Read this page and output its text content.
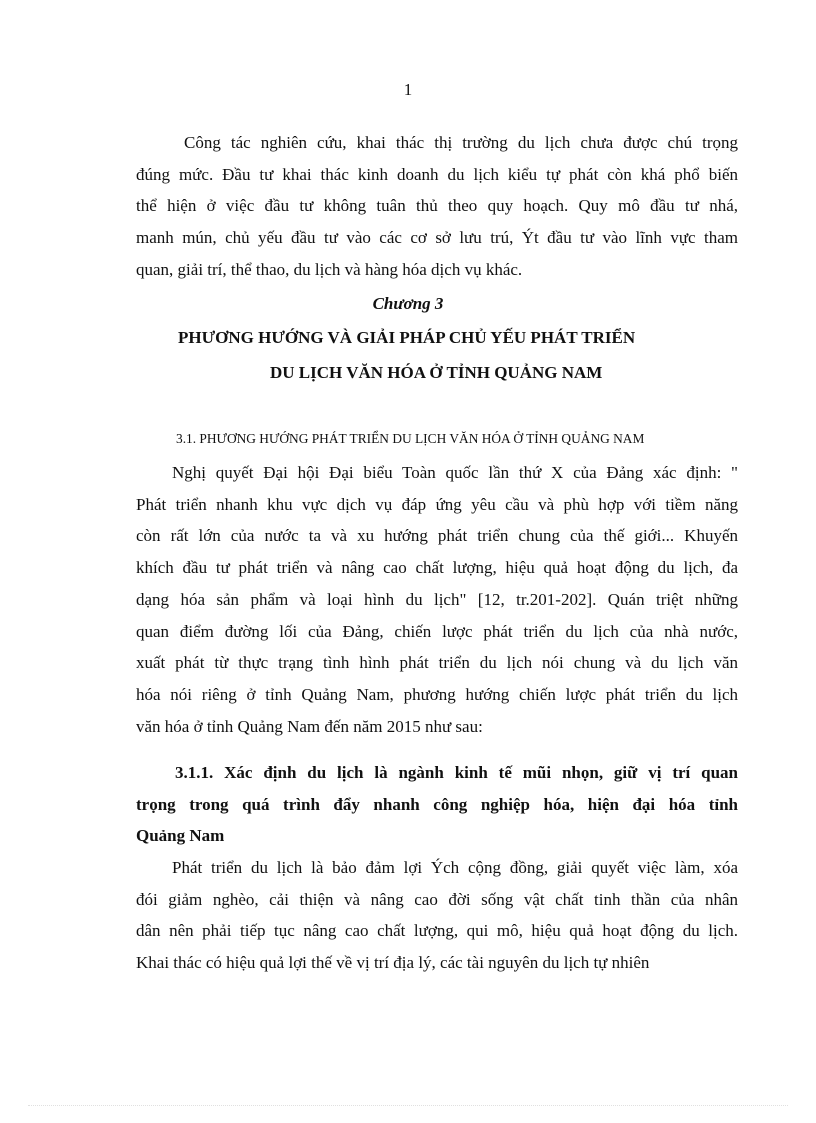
1
Công tác nghiên cứu, khai thác thị trường du lịch chưa được chú trọng
đúng mức. Đầu tư khai thác kinh doanh du lịch kiểu tự phát còn khá phổ biến
thể hiện ở việc đầu tư không tuân thủ theo quy hoạch. Quy mô đầu tư nhá,
manh mún, chủ yếu đầu tư vào các cơ sở lưu trú, Ýt đầu tư vào lĩnh vực tham
quan, giải trí, thể thao, du lịch và hàng hóa dịch vụ khác.
Chương 3
PHƯƠNG HƯỚNG VÀ GIẢI PHÁP CHỦ YẾU PHÁT TRIỂN
DU LỊCH VĂN HÓA Ở TỈNH QUẢNG NAM
3.1. PHƯƠNG HƯỚNG PHÁT TRIỂN DU LỊCH VĂN HÓA Ở TỈNH QUẢNG NAM
Nghị quyết Đại hội Đại biểu Toàn quốc lần thứ X của Đảng xác định: "
Phát triển nhanh khu vực dịch vụ đáp ứng yêu cầu và phù hợp với tiềm năng
còn rất lớn của nước ta và xu hướng phát triển chung của thế giới... Khuyến
khích đầu tư phát triển và nâng cao chất lượng, hiệu quả hoạt động du lịch, đa
dạng hóa sản phẩm và loại hình du lịch" [12, tr.201-202]. Quán triệt những
quan điểm đường lối của Đảng, chiến lược phát triển du lịch của nhà nước,
xuất phát từ thực trạng tình hình phát triển du lịch nói chung và du lịch văn
hóa nói riêng ở tỉnh Quảng Nam, phương hướng chiến lược phát triển du lịch
văn hóa ở tỉnh Quảng Nam đến năm 2015 như sau:
3.1.1. Xác định du lịch là ngành kinh tế mũi nhọn, giữ vị trí quan
trọng trong quá trình đẩy nhanh công nghiệp hóa, hiện đại hóa tỉnh
Quảng Nam
Phát triển du lịch là bảo đảm lợi Ých cộng đồng, giải quyết việc làm, xóa
đói giảm nghèo, cải thiện và nâng cao đời sống vật chất tinh thần của nhân
dân nên phải tiếp tục nâng cao chất lượng, qui mô, hiệu quả hoạt động du lịch.
Khai thác có hiệu quả lợi thế về vị trí địa lý, các tài nguyên du lịch tự nhiên
